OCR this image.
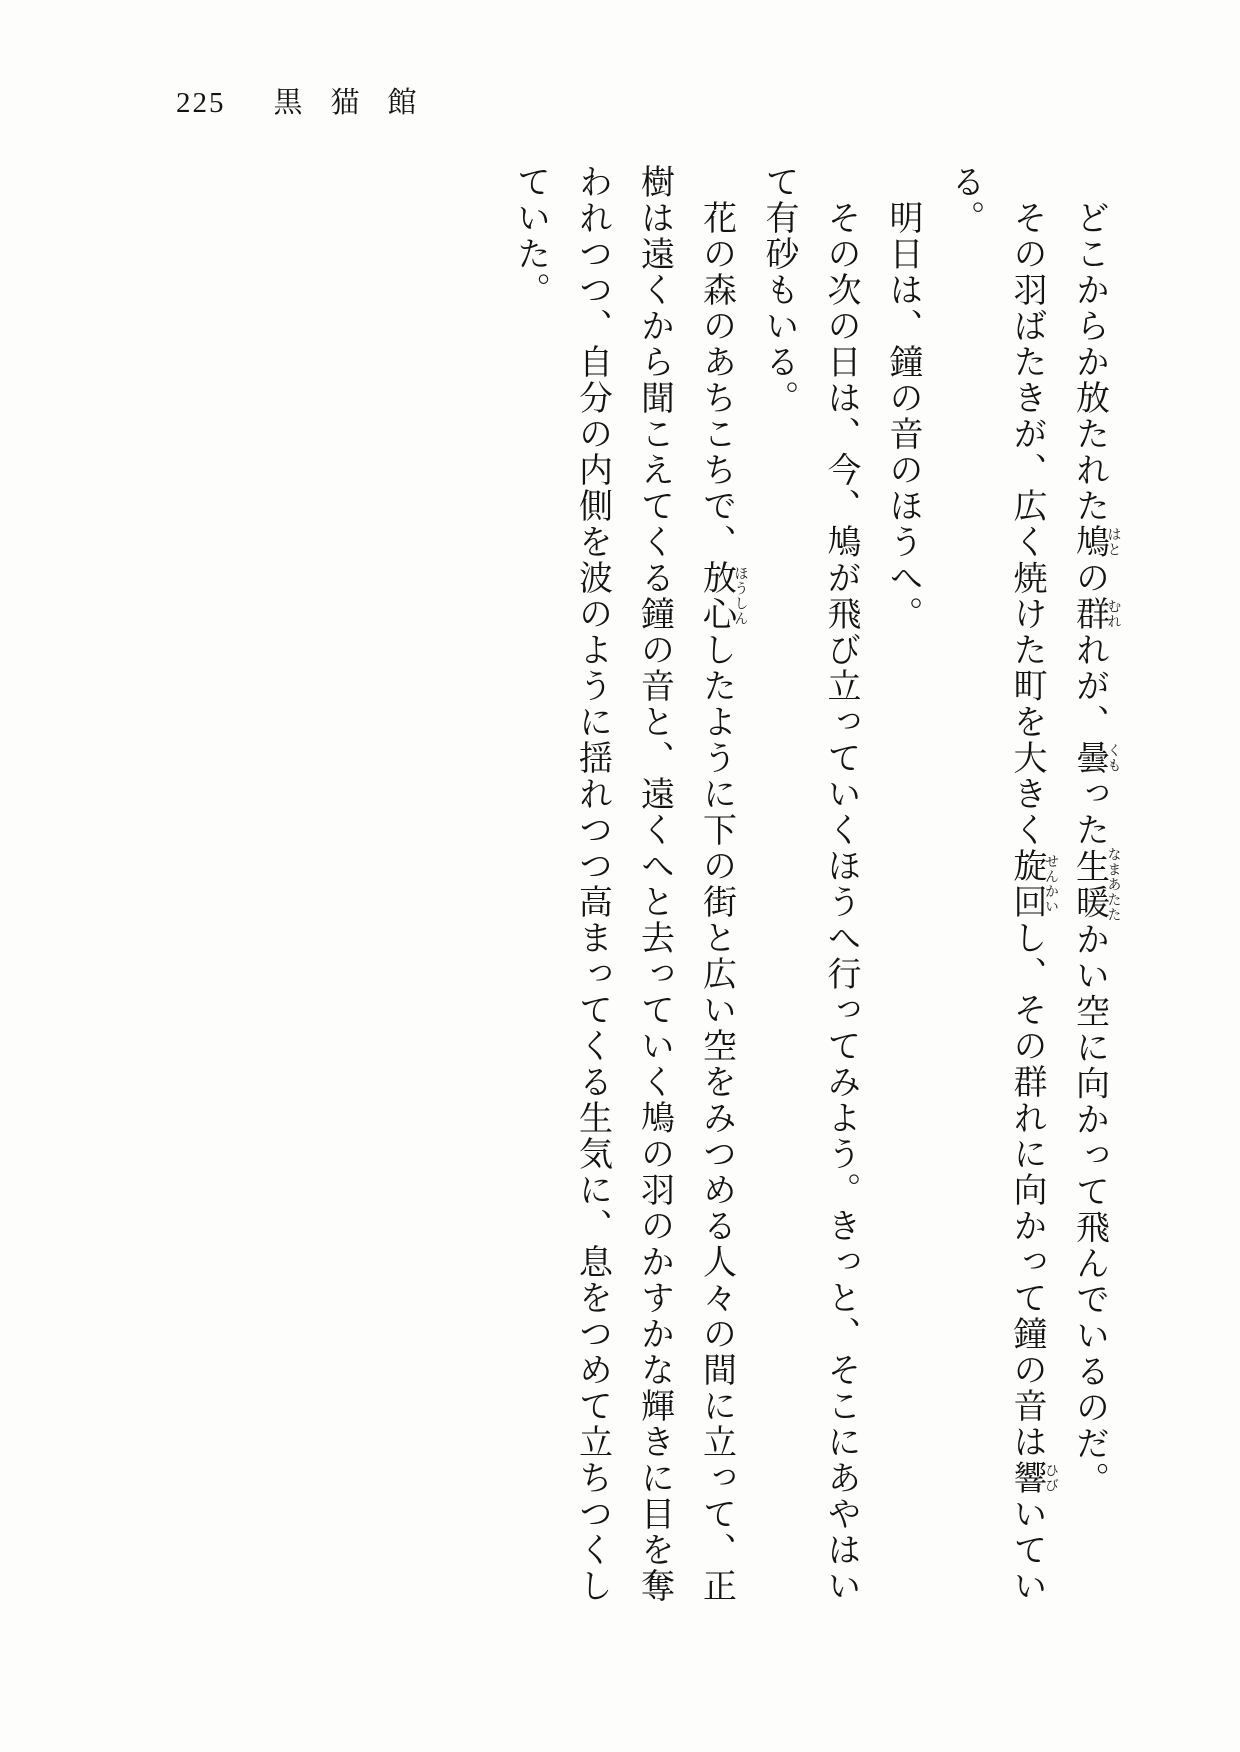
225 黒猫館

どこからか放たれた鳩はとの群むれれが、曇くもった生暖なまあたたかい空に向かって飛んでいるのだ。

その羽ばたきが、広く焼けた町を大きく旋回せんかいし、その群れに向かって鐘の音は響ひびいている。

明日は、鐘の音のほうへ。

その次の日は、今、鳩が飛び立っていくほうへ行ってみよう。きっと、そこにあやはいて有砂もいる。

花の森のあちこちで、放心ほうしんしたように下の街と広い空をみつめる人々の間に立って、正樹は遠くから聞こえてくる鐘の音と、遠くへと去っていく鳩の羽のかすかな輝きに目を奪われつつ、自分の内側を波のように揺れつつ高まってくる生気に、息をつめて立ちつくしていた。
